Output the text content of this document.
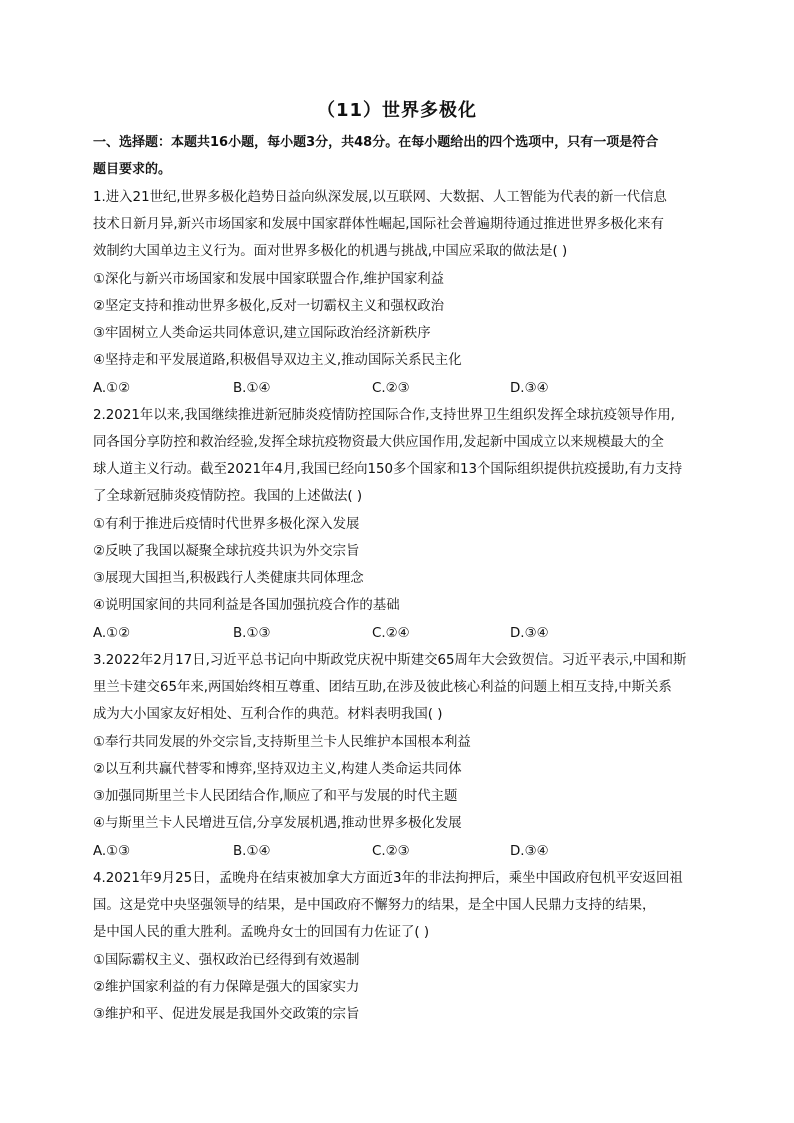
（11）世界多极化
一、选择题：本题共16小题，每小题3分，共48分。在每小题给出的四个选项中，只有一项是符合
题目要求的。
1.进入21世纪,世界多极化趋势日益向纵深发展,以互联网、大数据、人工智能为代表的新一代信息
技术日新月异,新兴市场国家和发展中国家群体性崛起,国际社会普遍期待通过推进世界多极化来有
效制约大国单边主义行为。面对世界多极化的机遇与挑战,中国应采取的做法是( )
①深化与新兴市场国家和发展中国家联盟合作,维护国家利益
②坚定支持和推动世界多极化,反对一切霸权主义和强权政治
③牢固树立人类命运共同体意识,建立国际政治经济新秩序
④坚持走和平发展道路,积极倡导双边主义,推动国际关系民主化
A.①②	B.①④	C.②③	D.③④
2.2021年以来,我国继续推进新冠肺炎疫情防控国际合作,支持世界卫生组织发挥全球抗疫领导作用,
同各国分享防控和救治经验,发挥全球抗疫物资最大供应国作用,发起新中国成立以来规模最大的全
球人道主义行动。截至2021年4月,我国已经向150多个国家和13个国际组织提供抗疫援助,有力支持
了全球新冠肺炎疫情防控。我国的上述做法( )
①有利于推进后疫情时代世界多极化深入发展
②反映了我国以凝聚全球抗疫共识为外交宗旨
③展现大国担当,积极践行人类健康共同体理念
④说明国家间的共同利益是各国加强抗疫合作的基础
A.①②	B.①③	C.②④	D.③④
3.2022年2月17日,习近平总书记向中斯政党庆祝中斯建交65周年大会致贺信。习近平表示,中国和斯
里兰卡建交65年来,两国始终相互尊重、团结互助,在涉及彼此核心利益的问题上相互支持,中斯关系
成为大小国家友好相处、互利合作的典范。材料表明我国( )
①奉行共同发展的外交宗旨,支持斯里兰卡人民维护本国根本利益
②以互利共赢代替零和博弈,坚持双边主义,构建人类命运共同体
③加强同斯里兰卡人民团结合作,顺应了和平与发展的时代主题
④与斯里兰卡人民增进互信,分享发展机遇,推动世界多极化发展
A.①③	B.①④	C.②③	D.③④
4.2021年9月25日，孟晚舟在结束被加拿大方面近3年的非法拘押后，乘坐中国政府包机平安返回祖
国。这是党中央坚强领导的结果，是中国政府不懈努力的结果，是全中国人民鼎力支持的结果，
是中国人民的重大胜利。孟晚舟女士的回国有力佐证了( )
①国际霸权主义、强权政治已经得到有效遏制
②维护国家利益的有力保障是强大的国家实力
③维护和平、促进发展是我国外交政策的宗旨
